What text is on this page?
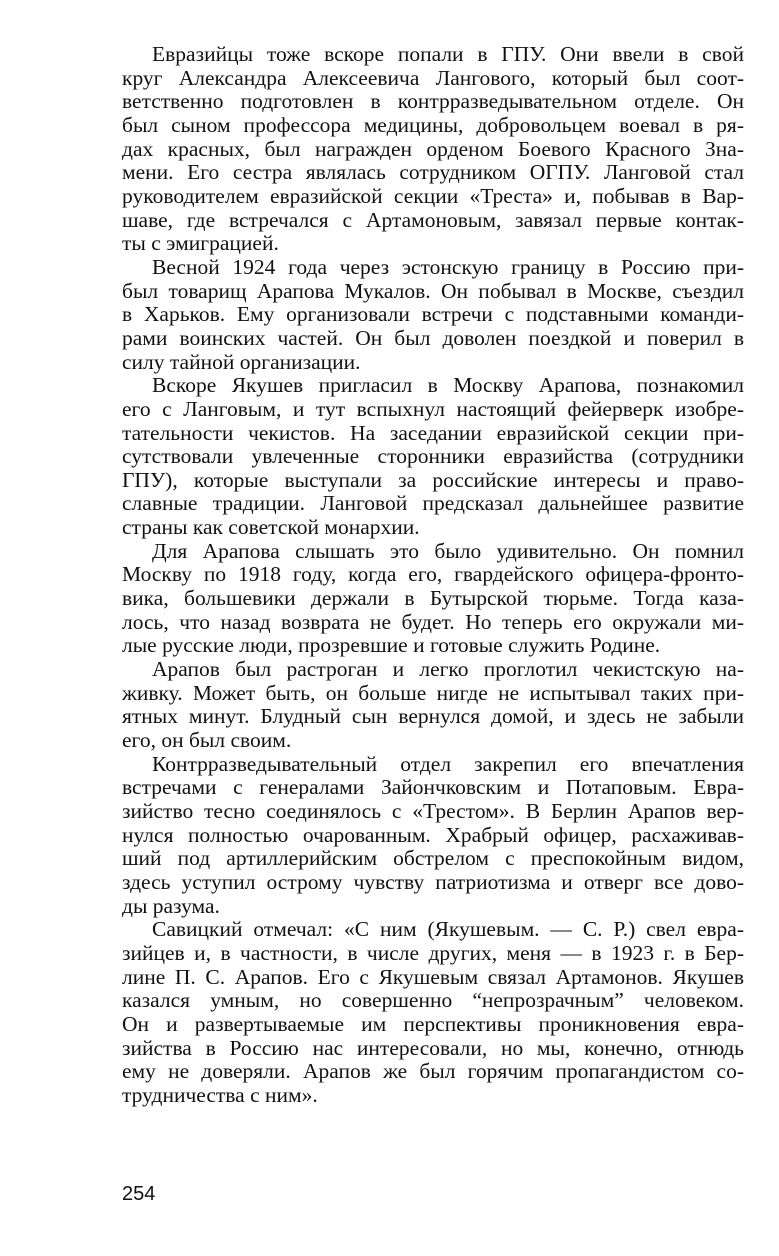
Евразийцы тоже вскоре попали в ГПУ. Они ввели в свой
круг Александра Алексеевича Лангового, который был соот-
ветственно подготовлен в контрразведывательном отделе. Он
был сыном профессора медицины, добровольцем воевал в ря-
дах красных, был награжден орденом Боевого Красного Зна-
мени. Его сестра являлась сотрудником ОГПУ. Ланговой стал
руководителем евразийской секции «Треста» и, побывав в Вар-
шаве, где встречался с Артамоновым, завязал первые контак-
ты с эмиграцией.
Весной 1924 года через эстонскую границу в Россию при-
был товарищ Арапова Мукалов. Он побывал в Москве, съездил
в Харьков. Ему организовали встречи с подставными команди-
рами воинских частей. Он был доволен поездкой и поверил в
силу тайной организации.
Вскоре Якушев пригласил в Москву Арапова, познакомил
его с Ланговым, и тут вспыхнул настоящий фейерверк изобре-
тательности чекистов. На заседании евразийской секции при-
сутствовали увлеченные сторонники евразийства (сотрудники
ГПУ), которые выступали за российские интересы и право-
славные традиции. Ланговой предсказал дальнейшее развитие
страны как советской монархии.
Для Арапова слышать это было удивительно. Он помнил
Москву по 1918 году, когда его, гвардейского офицера-фронто-
вика, большевики держали в Бутырской тюрьме. Тогда каза-
лось, что назад возврата не будет. Но теперь его окружали ми-
лые русские люди, прозревшие и готовые служить Родине.
Арапов был растроган и легко проглотил чекистскую на-
живку. Может быть, он больше нигде не испытывал таких при-
ятных минут. Блудный сын вернулся домой, и здесь не забыли
его, он был своим.
Контрразведывательный отдел закрепил его впечатления
встречами с генералами Зайончковским и Потаповым. Евра-
зийство тесно соединялось с «Трестом». В Берлин Арапов вер-
нулся полностью очарованным. Храбрый офицер, расхаживав-
ший под артиллерийским обстрелом с преспокойным видом,
здесь уступил острому чувству патриотизма и отверг все дово-
ды разума.
Савицкий отмечал: «С ним (Якушевым. — С. Р.) свел евра-
зийцев и, в частности, в числе других, меня — в 1923 г. в Бер-
лине П. С. Арапов. Его с Якушевым связал Артамонов. Якушев
казался умным, но совершенно “непрозрачным” человеком.
Он и развертываемые им перспективы проникновения евра-
зийства в Россию нас интересовали, но мы, конечно, отнюдь
ему не доверяли. Арапов же был горячим пропагандистом со-
трудничества с ним».
254
